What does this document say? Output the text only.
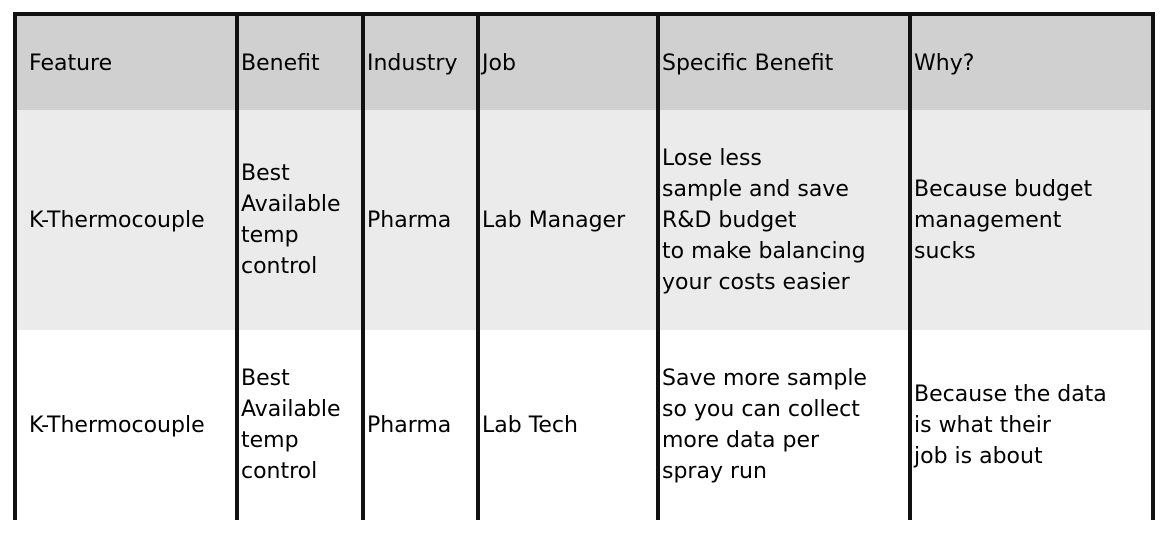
Feature	Benefit	Industry	Job	Specific Benefit	Why?
K-Thermocouple	Best
Available
temp
control	Pharma	Lab Manager	Lose less
sample and save
R&D budget
to make balancing
your costs easier	Because budget
management
sucks
K-Thermocouple	Best
Available
temp
control	Pharma	Lab Tech	Save more sample
so you can collect
more data per
spray run	Because the data
is what their
job is about
